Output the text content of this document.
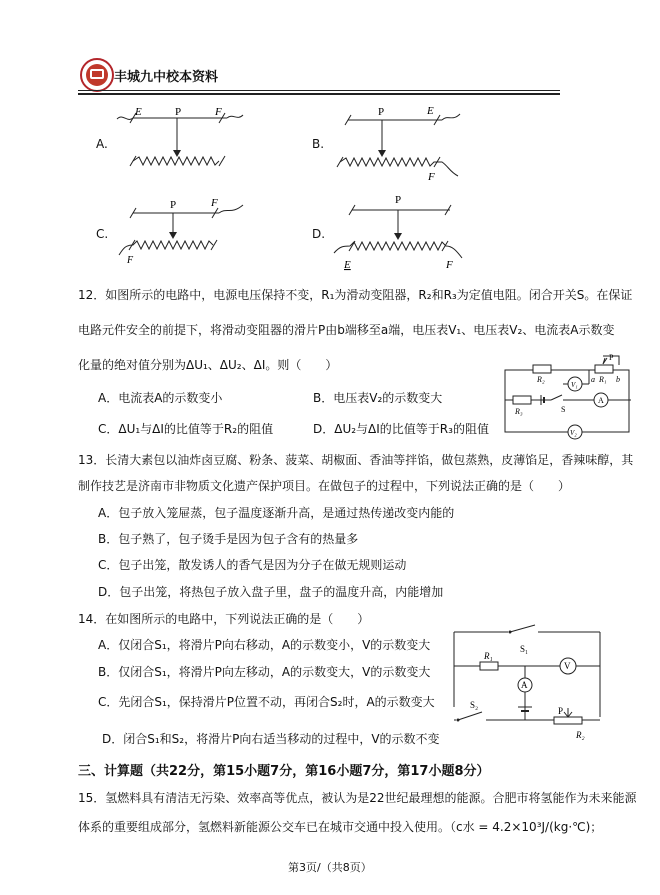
丰城九中校本资料
A.	B.
C.	D.
E	P	F	P	E
F
P	F
F
P
E	F
12．如图所示的电路中，电源电压保持不变，R₁为滑动变阻器，R₂和R₃为定值电阻。闭合开关S。在保证
电路元件安全的前提下，将滑动变阻器的滑片P由b端移至a端，电压表V₁、电压表V₂、电流表A示数变
化量的绝对值分别为ΔU₁、ΔU₂、ΔI。则（　　）
A．电流表A的示数变小	B．电压表V₂的示数变大
C．ΔU₁与ΔI的比值等于R₂的阻值	D．ΔU₂与ΔI的比值等于R₃的阻值
R₂
V₁
a R₁ b
P
R₃	S
A
V₂
13．长清大素包以油炸卤豆腐、粉条、菠菜、胡椒面、香油等拌馅，做包蒸熟，皮薄馅足，香辣味醇，其
制作技艺是济南市非物质文化遗产保护项目。在做包子的过程中，下列说法正确的是（　　）
A．包子放入笼屉蒸，包子温度逐渐升高，是通过热传递改变内能的
B．包子熟了，包子烫手是因为包子含有的热量多
C．包子出笼，散发诱人的香气是因为分子在做无规则运动
D．包子出笼，将热包子放入盘子里，盘子的温度升高，内能增加
14．在如图所示的电路中，下列说法正确的是（　　）
A．仅闭合S₁，将滑片P向右移动，A的示数变小，V的示数变大
B．仅闭合S₁，将滑片P向左移动，A的示数变大，V的示数变大
C．先闭合S₁，保持滑片P位置不动，再闭合S₂时，A的示数变大
D．闭合S₁和S₂，将滑片P向右适当移动的过程中，V的示数不变
S₁
R₁
V
A
S₂
P
R₂
三、计算题（共22分，第15小题7分，第16小题7分，第17小题8分）
15．氢燃料具有清洁无污染、效率高等优点，被认为是22世纪最理想的能源。合肥市将氢能作为未来能源
体系的重要组成部分，氢燃料新能源公交车已在城市交通中投入使用。（c水 = 4.2×10³J/(kg·℃)；
第3页/（共8页）
